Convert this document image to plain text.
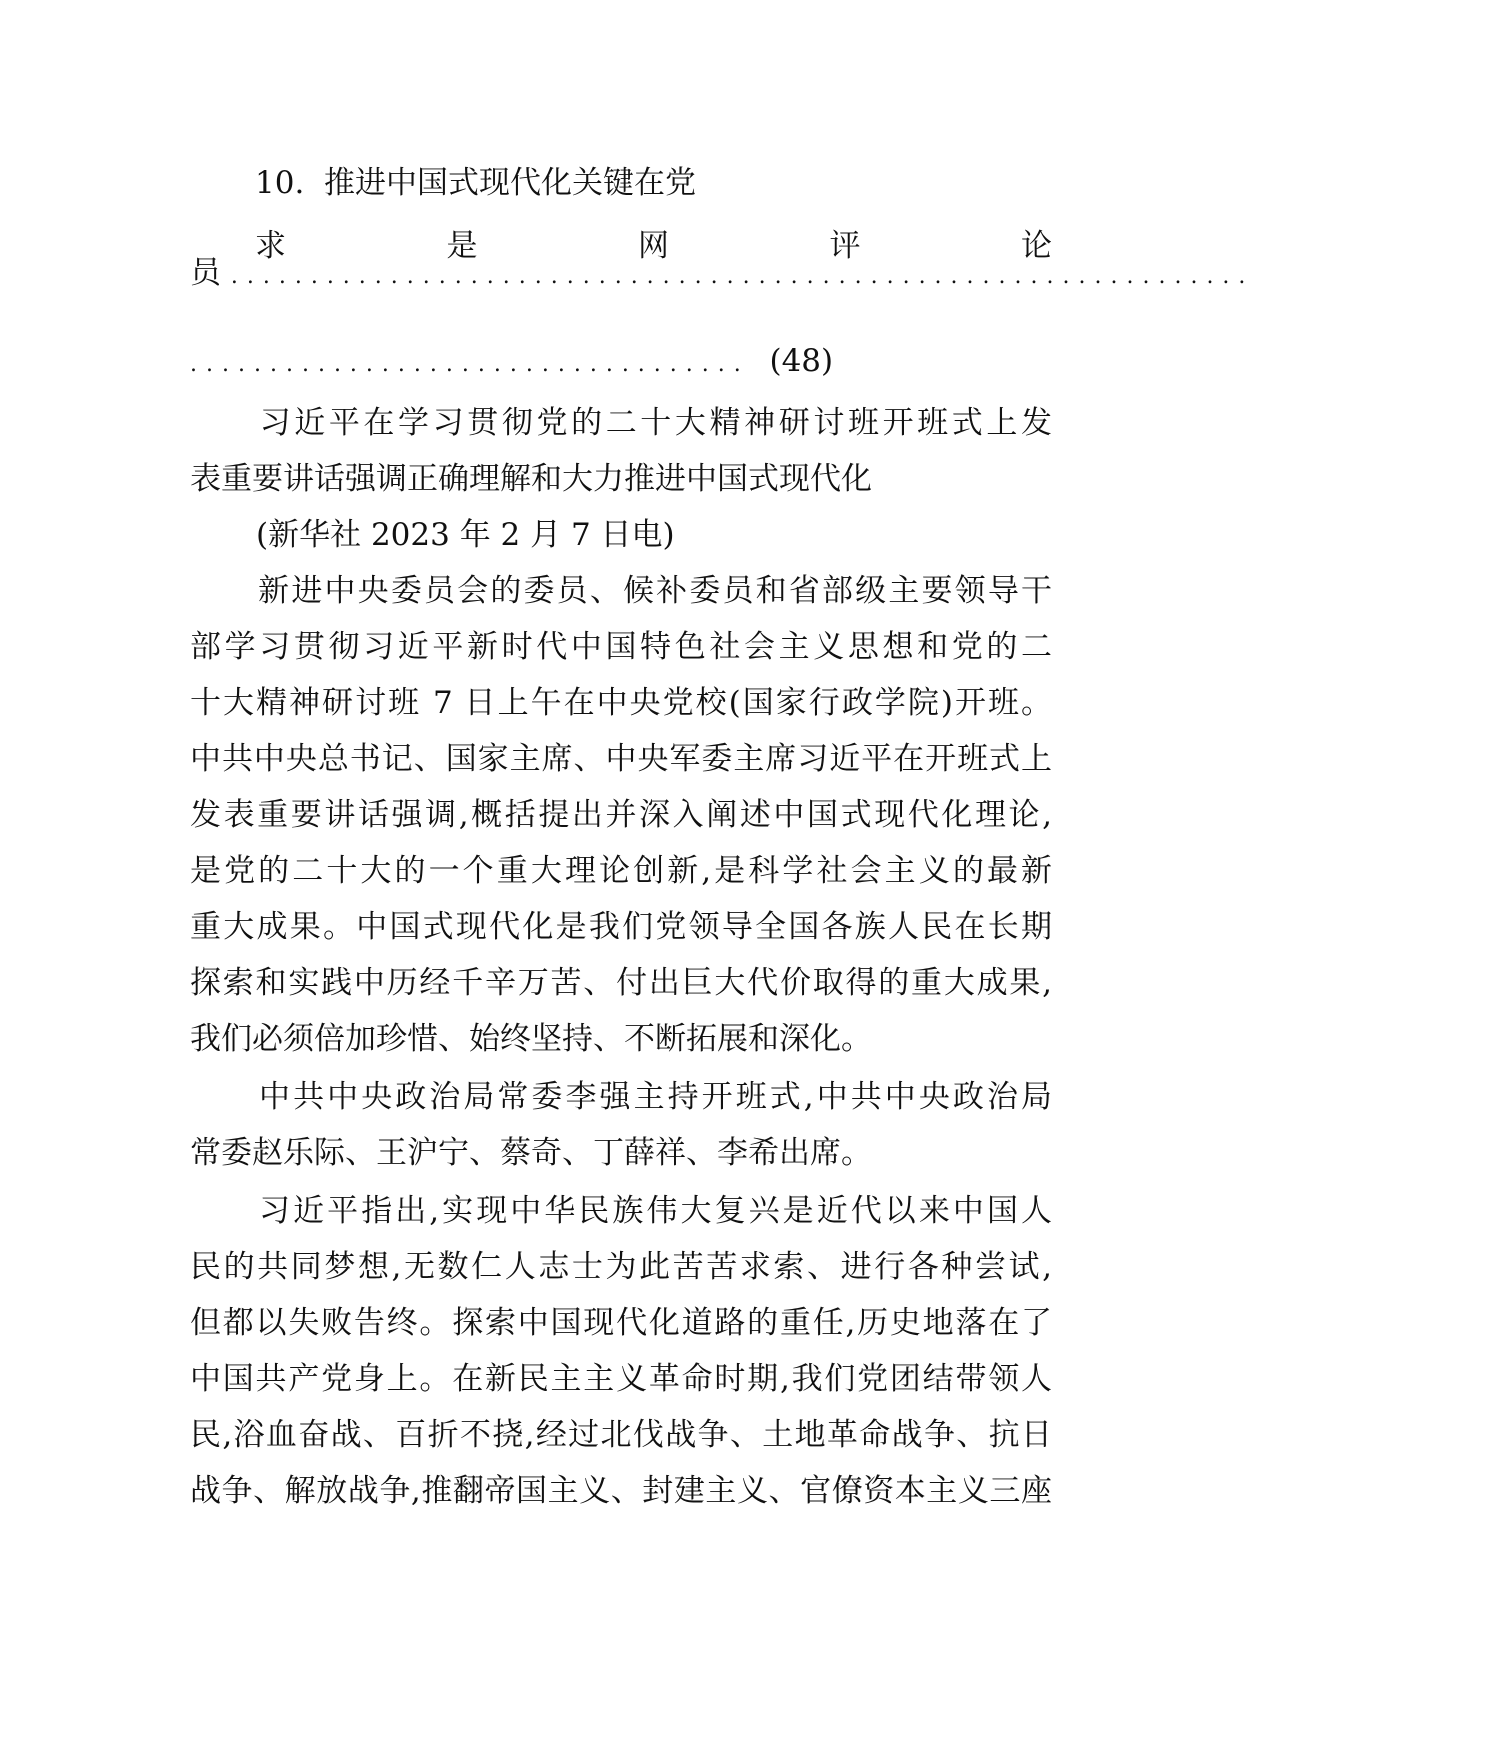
10. 推进中国式现代化关键在党
求	是	网	评	论
员 ................................................................
................................... (48)
习近平在学习贯彻党的二十大精神研讨班开班式上发
表重要讲话强调正确理解和大力推进中国式现代化
(新华社 2023 年 2 月 7 日电)
新进中央委员会的委员、候补委员和省部级主要领导干
部学习贯彻习近平新时代中国特色社会主义思想和党的二
十大精神研讨班 7 日上午在中央党校(国家行政学院)开班。
中共中央总书记、国家主席、中央军委主席习近平在开班式上
发表重要讲话强调,概括提出并深入阐述中国式现代化理论,
是党的二十大的一个重大理论创新,是科学社会主义的最新
重大成果。中国式现代化是我们党领导全国各族人民在长期
探索和实践中历经千辛万苦、付出巨大代价取得的重大成果,
我们必须倍加珍惜、始终坚持、不断拓展和深化。
中共中央政治局常委李强主持开班式,中共中央政治局
常委赵乐际、王沪宁、蔡奇、丁薛祥、李希出席。
习近平指出,实现中华民族伟大复兴是近代以来中国人
民的共同梦想,无数仁人志士为此苦苦求索、进行各种尝试,
但都以失败告终。探索中国现代化道路的重任,历史地落在了
中国共产党身上。在新民主主义革命时期,我们党团结带领人
民,浴血奋战、百折不挠,经过北伐战争、土地革命战争、抗日
战争、解放战争,推翻帝国主义、封建主义、官僚资本主义三座
